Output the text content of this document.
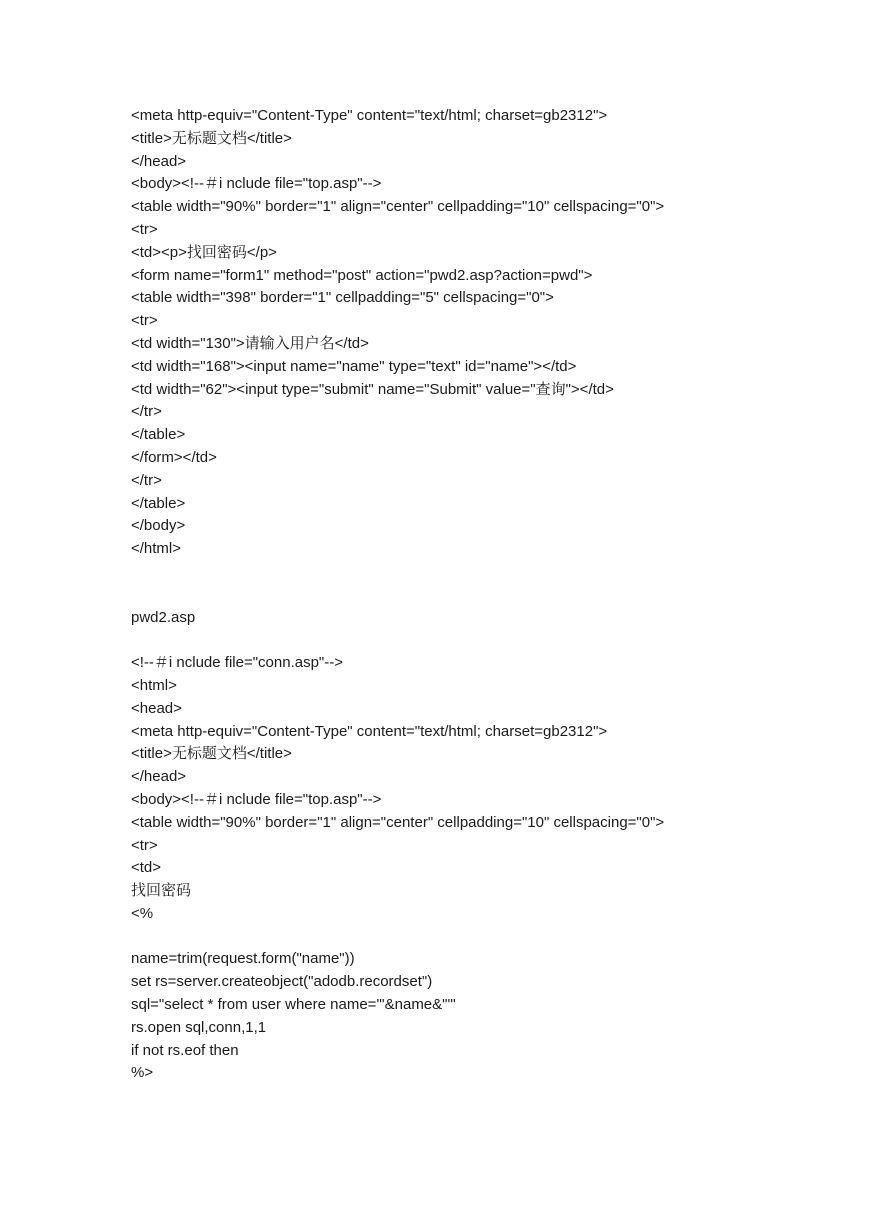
<meta http-equiv="Content-Type" content="text/html; charset=gb2312">
<title>无标题文档</title>
</head>
<body><!--＃i nclude file="top.asp"-->
<table width="90%" border="1" align="center" cellpadding="10" cellspacing="0">
<tr>
<td><p>找回密码</p>
<form name="form1" method="post" action="pwd2.asp?action=pwd">
<table width="398" border="1" cellpadding="5" cellspacing="0">
<tr>
<td width="130">请输入用户名</td>
<td width="168"><input name="name" type="text" id="name"></td>
<td width="62"><input type="submit" name="Submit" value="查询"></td>
</tr>
</table>
</form></td>
</tr>
</table>
</body>
</html>
pwd2.asp
<!--＃i nclude file="conn.asp"-->
<html>
<head>
<meta http-equiv="Content-Type" content="text/html; charset=gb2312">
<title>无标题文档</title>
</head>
<body><!--＃i nclude file="top.asp"-->
<table width="90%" border="1" align="center" cellpadding="10" cellspacing="0">
<tr>
<td>
找回密码
<%
name=trim(request.form("name"))
set rs=server.createobject("adodb.recordset")
sql="select * from user where name='"&name&"'"
rs.open sql,conn,1,1
if not rs.eof then
%>
